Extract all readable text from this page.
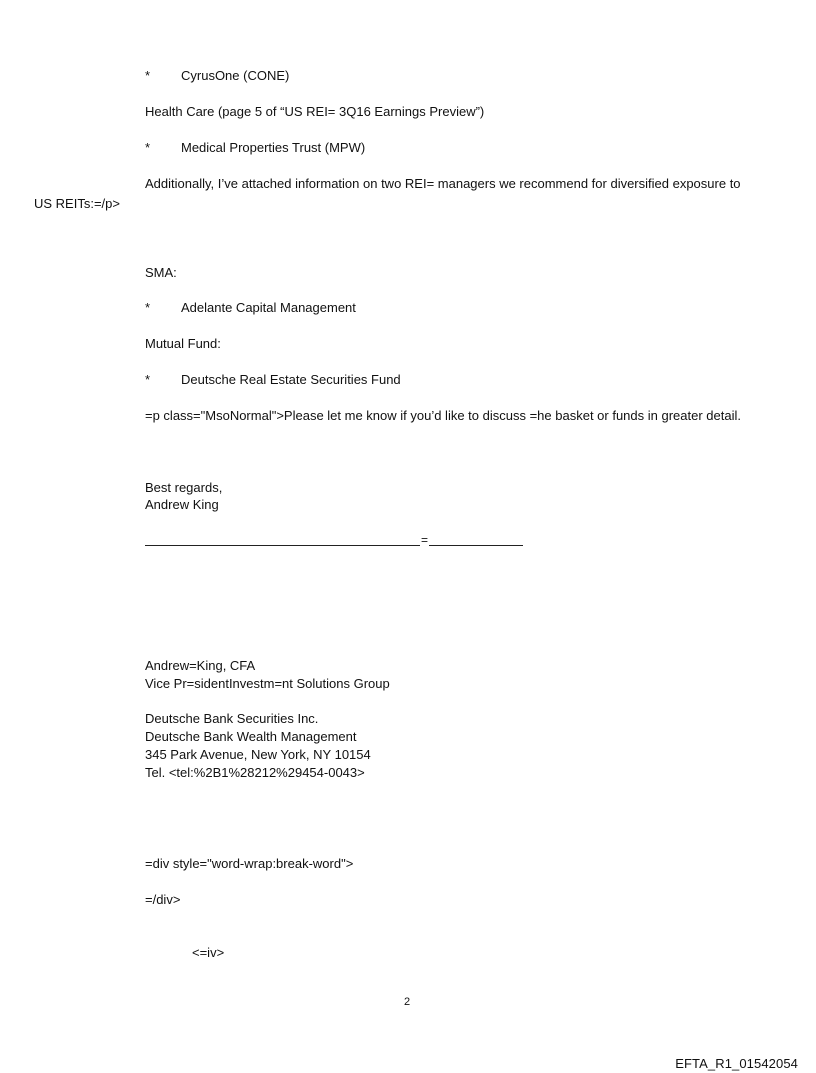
* CyrusOne (CONE)
Health Care (page 5 of “US REI= 3Q16 Earnings Preview”)
* Medical Properties Trust (MPW)
Additionally, I’ve attached information on two REI= managers we recommend for diversified exposure to
US REITs:=/p>
SMA:
* Adelante Capital Management
Mutual Fund:
* Deutsche Real Estate Securities Fund
=p class="MsoNormal">Please let me know if you’d like to discuss =he basket or funds in greater detail.
Best regards,
Andrew King
=
Andrew=King, CFA
Vice Pr=sidentInvestm=nt Solutions Group
Deutsche Bank Securities Inc.
Deutsche Bank Wealth Management
345 Park Avenue, New York, NY 10154
Tel. <tel:%2B1%28212%29454-0043>
=div style="word-wrap:break-word">
=/div>
<=iv>
2
EFTA_R1_01542054
